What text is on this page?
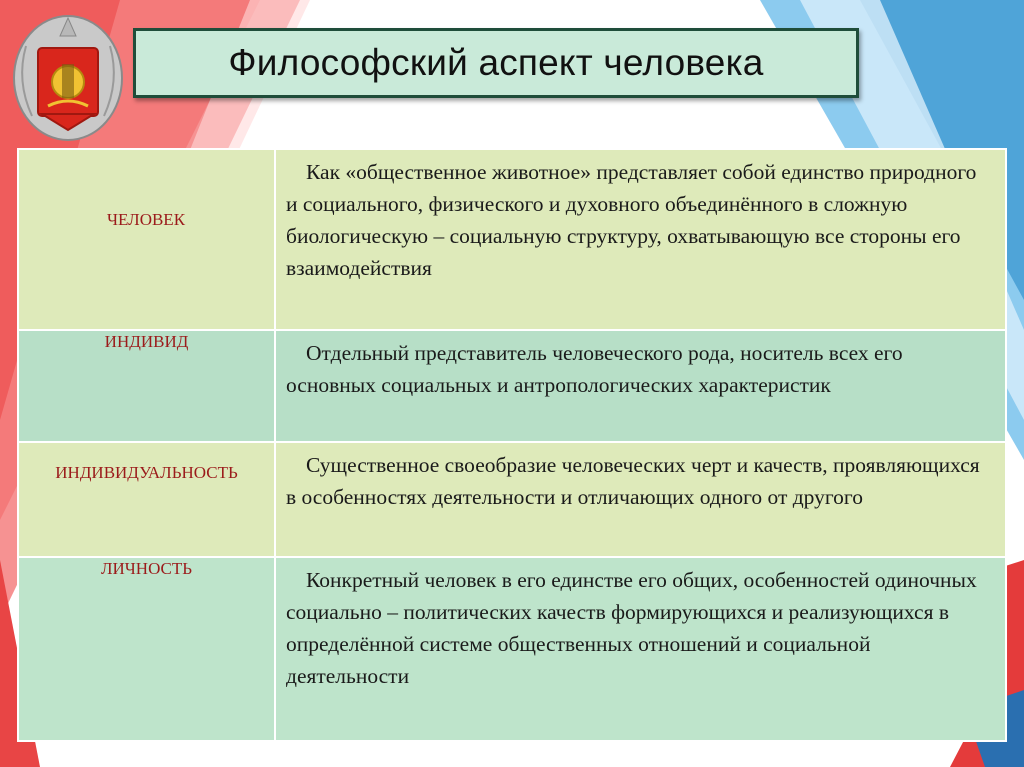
Философский аспект человека
ЧЕЛОВЕК	Как «общественное животное» представляет собой единство природного и социального, физического и духовного объединённого в сложную биологическую – социальную структуру, охватывающую все стороны его взаимодействия
ИНДИВИД	Отдельный представитель человеческого рода, носитель всех его основных социальных и антропологических характеристик
ИНДИВИДУАЛЬНОСТЬ	Существенное своеобразие человеческих черт и качеств, проявляющихся в особенностях деятельности и отличающих одного от другого
ЛИЧНОСТЬ	Конкретный человек в его единстве его общих, особенностей одиночных социально – политических качеств формирующихся и реализующихся в определённой системе общественных отношений и социальной деятельности
